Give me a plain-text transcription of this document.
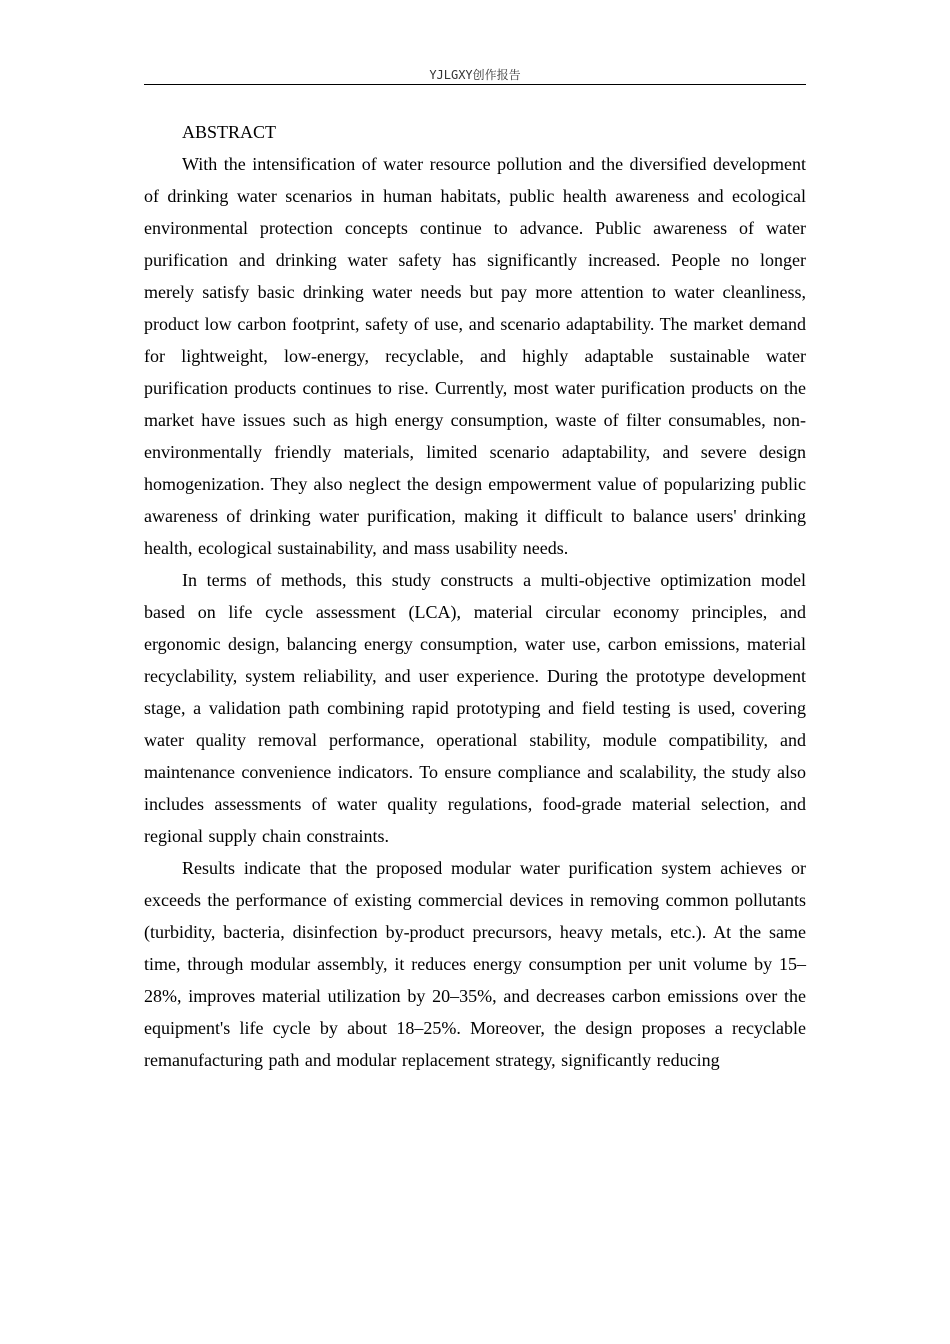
YJLGXY创作报告
ABSTRACT

With the intensification of water resource pollution and the diversified development of drinking water scenarios in human habitats, public health awareness and ecological environmental protection concepts continue to advance. Public awareness of water purification and drinking water safety has significantly increased. People no longer merely satisfy basic drinking water needs but pay more attention to water cleanliness, product low carbon footprint, safety of use, and scenario adaptability. The market demand for lightweight, low-energy, recyclable, and highly adaptable sustainable water purification products continues to rise. Currently, most water purification products on the market have issues such as high energy consumption, waste of filter consumables, non-environmentally friendly materials, limited scenario adaptability, and severe design homogenization. They also neglect the design empowerment value of popularizing public awareness of drinking water purification, making it difficult to balance users' drinking health, ecological sustainability, and mass usability needs.

In terms of methods, this study constructs a multi-objective optimization model based on life cycle assessment (LCA), material circular economy principles, and ergonomic design, balancing energy consumption, water use, carbon emissions, material recyclability, system reliability, and user experience. During the prototype development stage, a validation path combining rapid prototyping and field testing is used, covering water quality removal performance, operational stability, module compatibility, and maintenance convenience indicators. To ensure compliance and scalability, the study also includes assessments of water quality regulations, food-grade material selection, and regional supply chain constraints.

Results indicate that the proposed modular water purification system achieves or exceeds the performance of existing commercial devices in removing common pollutants (turbidity, bacteria, disinfection by-product precursors, heavy metals, etc.). At the same time, through modular assembly, it reduces energy consumption per unit volume by 15–28%, improves material utilization by 20–35%, and decreases carbon emissions over the equipment's life cycle by about 18–25%. Moreover, the design proposes a recyclable remanufacturing path and modular replacement strategy, significantly reducing
